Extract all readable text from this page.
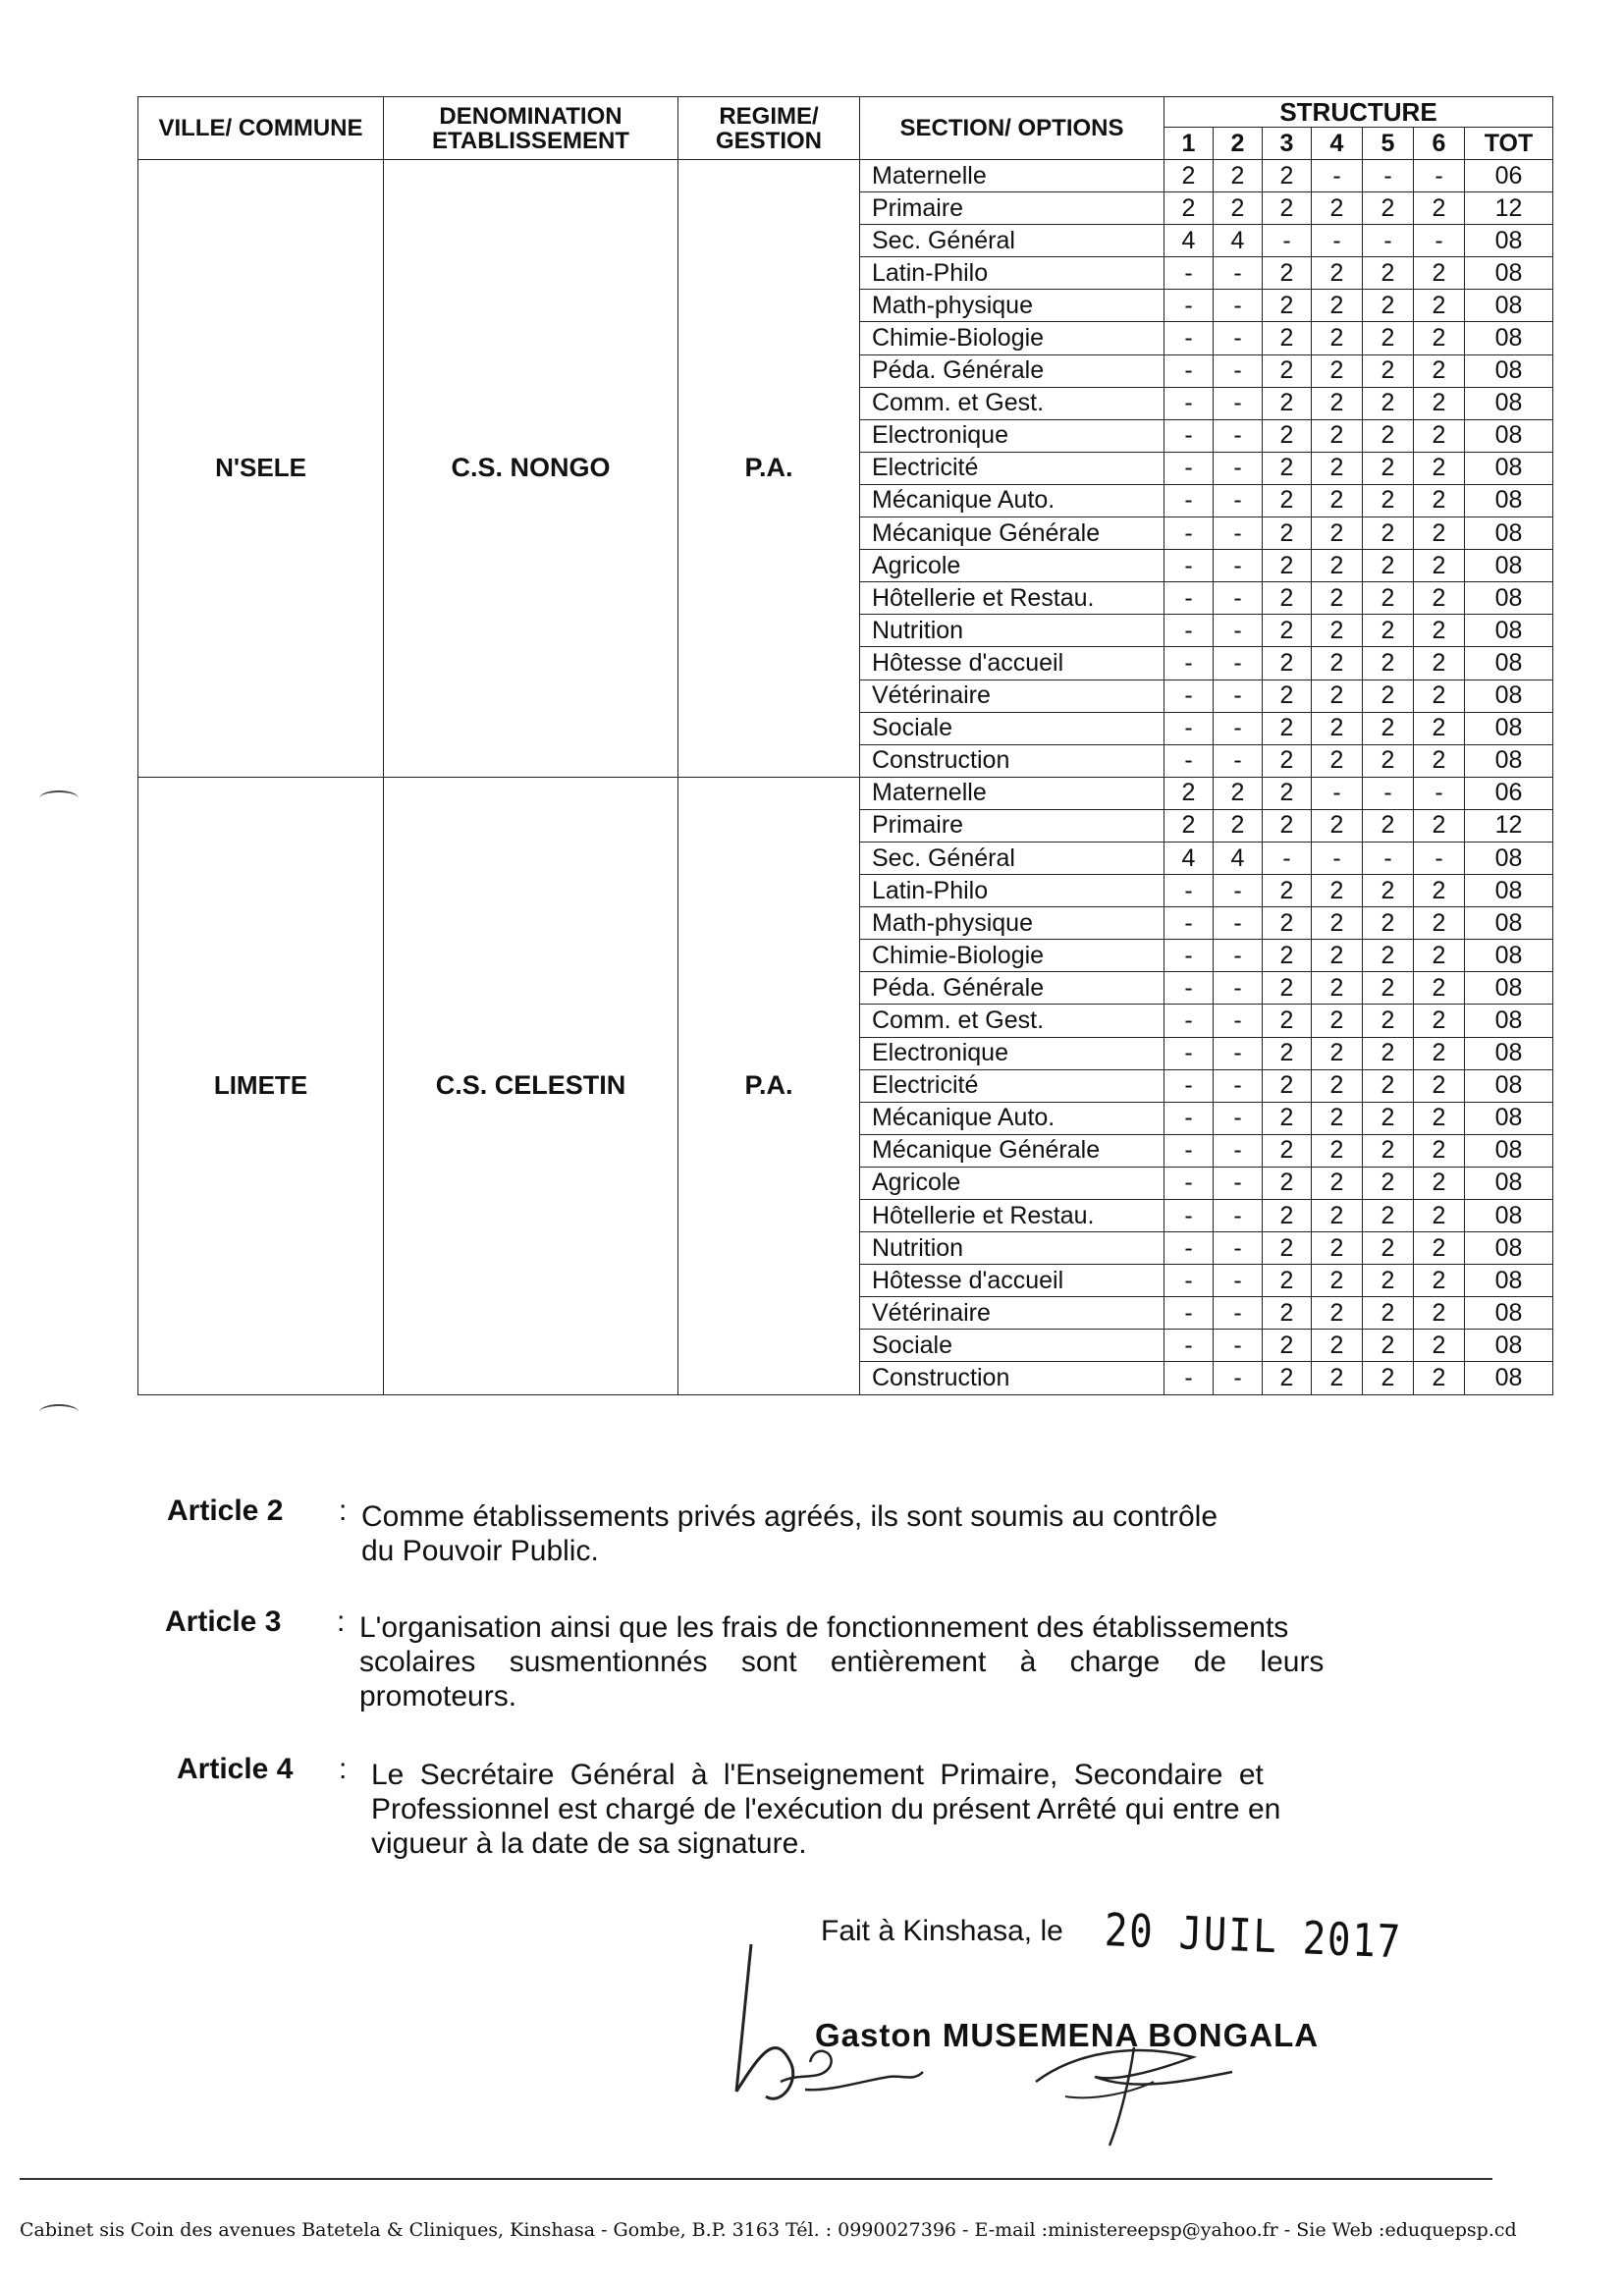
VILLE/ COMMUNE	DENOMINATION ETABLISSEMENT	REGIME/ GESTION	SECTION/ OPTIONS	STRUCTURE						
				1	2	3	4	5	6	TOT
N'SELE	C.S. NONGO	P.A.	Maternelle	2	2	2	-	-	-	06
			Primaire	2	2	2	2	2	2	12
			Sec. Général	4	4	-	-	-	-	08
			Latin-Philo	-	-	2	2	2	2	08
			Math-physique	-	-	2	2	2	2	08
			Chimie-Biologie	-	-	2	2	2	2	08
			Péda. Générale	-	-	2	2	2	2	08
			Comm. et Gest.	-	-	2	2	2	2	08
			Electronique	-	-	2	2	2	2	08
			Electricité	-	-	2	2	2	2	08
			Mécanique Auto.	-	-	2	2	2	2	08
			Mécanique Générale	-	-	2	2	2	2	08
			Agricole	-	-	2	2	2	2	08
			Hôtellerie et Restau.	-	-	2	2	2	2	08
			Nutrition	-	-	2	2	2	2	08
			Hôtesse d'accueil	-	-	2	2	2	2	08
			Vétérinaire	-	-	2	2	2	2	08
			Sociale	-	-	2	2	2	2	08
			Construction	-	-	2	2	2	2	08
LIMETE	C.S. CELESTIN	P.A.	Maternelle	2	2	2	-	-	-	06
			Primaire	2	2	2	2	2	2	12
			Sec. Général	4	4	-	-	-	-	08
			Latin-Philo	-	-	2	2	2	2	08
			Math-physique	-	-	2	2	2	2	08
			Chimie-Biologie	-	-	2	2	2	2	08
			Péda. Générale	-	-	2	2	2	2	08
			Comm. et Gest.	-	-	2	2	2	2	08
			Electronique	-	-	2	2	2	2	08
			Electricité	-	-	2	2	2	2	08
			Mécanique Auto.	-	-	2	2	2	2	08
			Mécanique Générale	-	-	2	2	2	2	08
			Agricole	-	-	2	2	2	2	08
			Hôtellerie et Restau.	-	-	2	2	2	2	08
			Nutrition	-	-	2	2	2	2	08
			Hôtesse d'accueil	-	-	2	2	2	2	08
			Vétérinaire	-	-	2	2	2	2	08
			Sociale	-	-	2	2	2	2	08
			Construction	-	-	2	2	2	2	08
Article 2 : Comme établissements privés agréés, ils sont soumis au contrôle
du Pouvoir Public.
Article 3 : L'organisation ainsi que les frais de fonctionnement des établissements
scolaires susmentionnés sont entièrement à charge de leurs
promoteurs.
Article 4 : Le Secrétaire Général à l'Enseignement Primaire, Secondaire et
Professionnel est chargé de l'exécution du présent Arrêté qui entre en
vigueur à la date de sa signature.
Fait à Kinshasa, le 20 JUIL 2017
Gaston MUSEMENA BONGALA
Cabinet sis Coin des avenues Batetela & Cliniques, Kinshasa - Gombe, B.P. 3163 Tél. : 0990027396 - E-mail :ministereepsp@yahoo.fr - Sie Web :eduquepsp.cd
